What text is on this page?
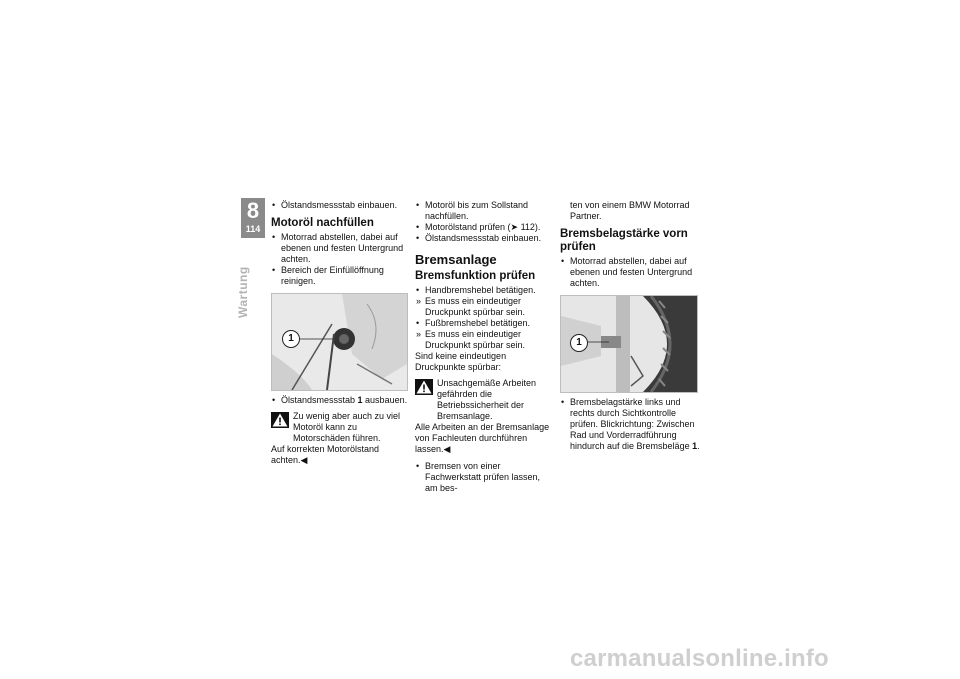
8
114
Wartung

• Ölstandsmessstab einbauen.

Motoröl nachfüllen

• Motorrad abstellen, dabei auf ebenen und festen Untergrund achten.

• Bereich der Einfüllöffnung reinigen.

1

• Ölstandsmessstab 1 ausbauen.

Zu wenig aber auch zu viel Motoröl kann zu Motorschäden führen.

Auf korrekten Motorölstand achten.◀

• Motoröl bis zum Sollstand nachfüllen.

• Motorölstand prüfen (➤ 112).

• Ölstandsmessstab einbauen.

Bremsanlage
Bremsfunktion prüfen

• Handbremshebel betätigen.

» Es muss ein eindeutiger Druckpunkt spürbar sein.

• Fußbremshebel betätigen.

» Es muss ein eindeutiger Druckpunkt spürbar sein.

Sind keine eindeutigen Druckpunkte spürbar:

Unsachgemäße Arbeiten gefährden die Betriebssicherheit der Bremsanlage.

Alle Arbeiten an der Bremsanlage von Fachleuten durchführen lassen.◀

• Bremsen von einer Fachwerkstatt prüfen lassen, am bes-

ten von einem BMW Motorrad Partner.

Bremsbelagstärke vorn prüfen

• Motorrad abstellen, dabei auf ebenen und festen Untergrund achten.

1

• Bremsbelagstärke links und rechts durch Sichtkontrolle prüfen. Blickrichtung: Zwischen Rad und Vorderradführung hindurch auf die Bremsbeläge 1.

carmanualsonline.info
